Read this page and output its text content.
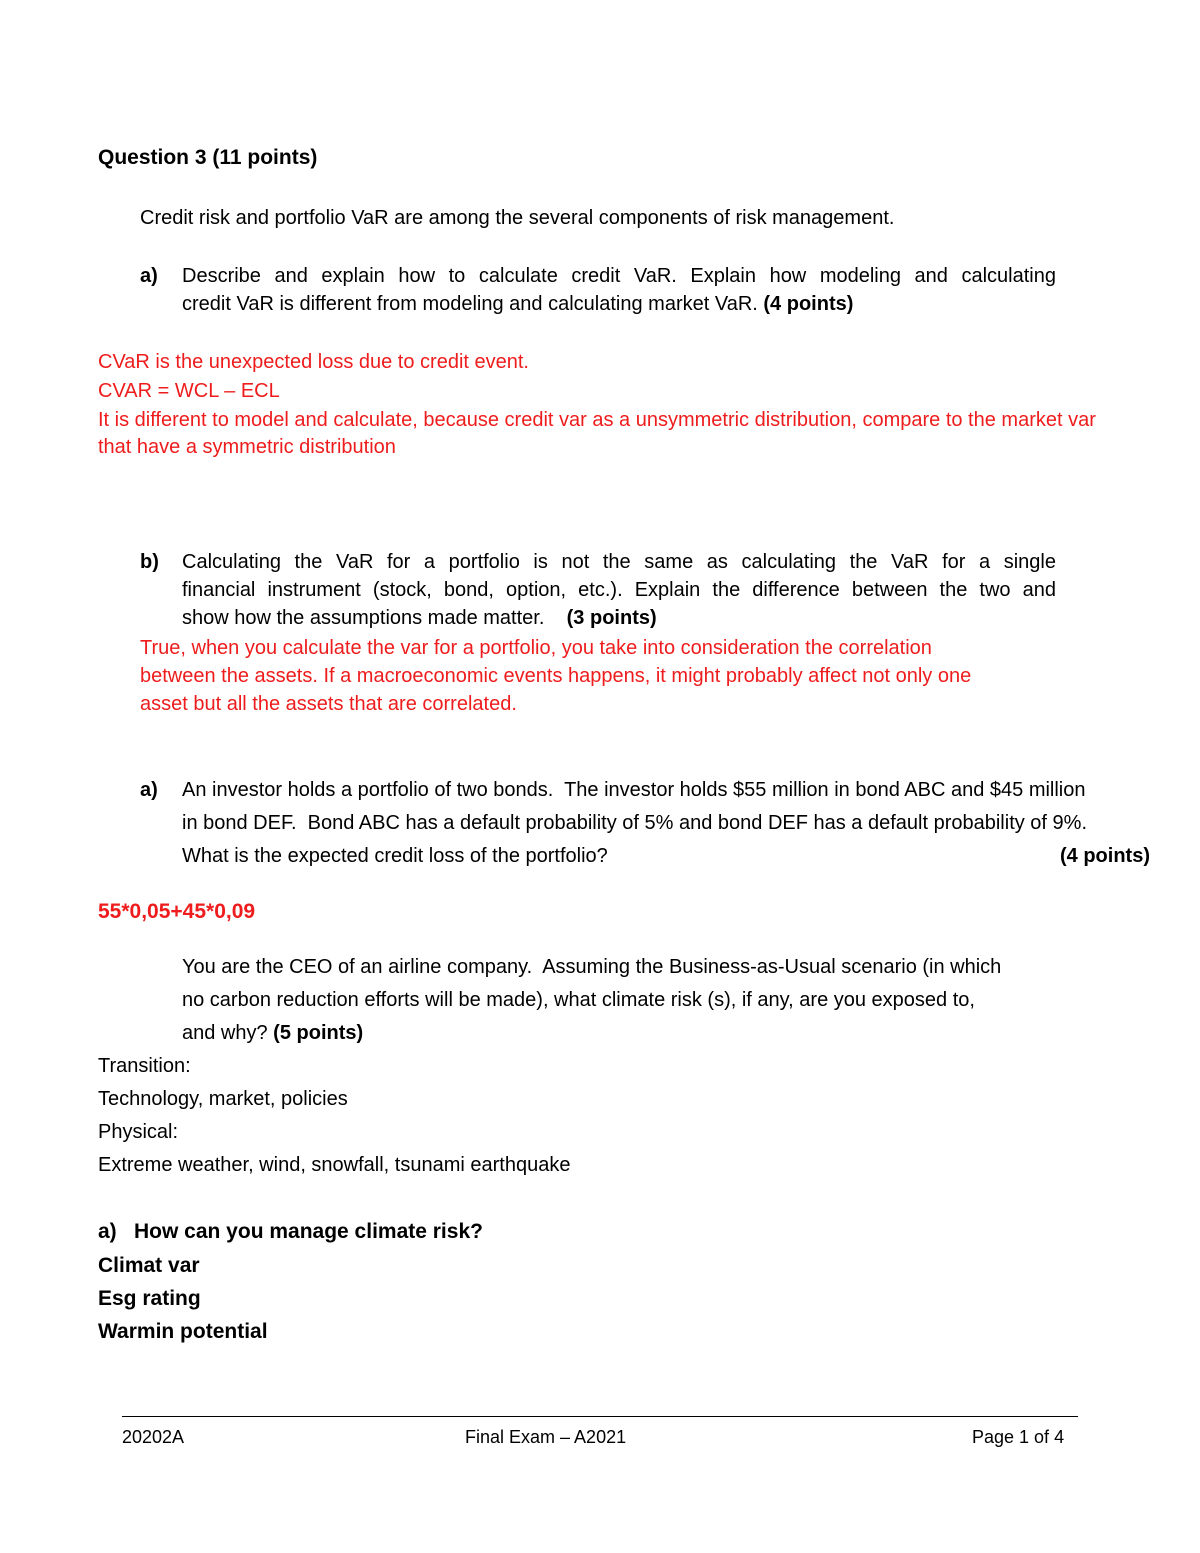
Question 3 (11 points)
Credit risk and portfolio VaR are among the several components of risk management.
a) Describe and explain how to calculate credit VaR. Explain how modeling and calculating
credit VaR is different from modeling and calculating market VaR. (4 points)
CVaR is the unexpected loss due to credit event.
CVAR = WCL – ECL
It is different to model and calculate, because credit var as a unsymmetric distribution, compare to the market var
that have a symmetric distribution
b) Calculating the VaR for a portfolio is not the same as calculating the VaR for a single
financial instrument (stock, bond, option, etc.). Explain the difference between the two and
show how the assumptions made matter.    (3 points)
True, when you calculate the var for a portfolio, you take into consideration the correlation
between the assets. If a macroeconomic events happens, it might probably affect not only one
asset but all the assets that are correlated.
a) An investor holds a portfolio of two bonds.  The investor holds $55 million in bond ABC and $45 million
in bond DEF.  Bond ABC has a default probability of 5% and bond DEF has a default probability of 9%.
What is the expected credit loss of the portfolio?	(4 points)
55*0,05+45*0,09
You are the CEO of an airline company.  Assuming the Business-as-Usual scenario (in which
no carbon reduction efforts will be made), what climate risk (s), if any, are you exposed to,
and why? (5 points)
Transition:
Technology, market, policies
Physical:
Extreme weather, wind, snowfall, tsunami earthquake
a) How can you manage climate risk?
Climat var
Esg rating
Warmin potential
20202A	Final Exam – A2021	Page 1 of 4
